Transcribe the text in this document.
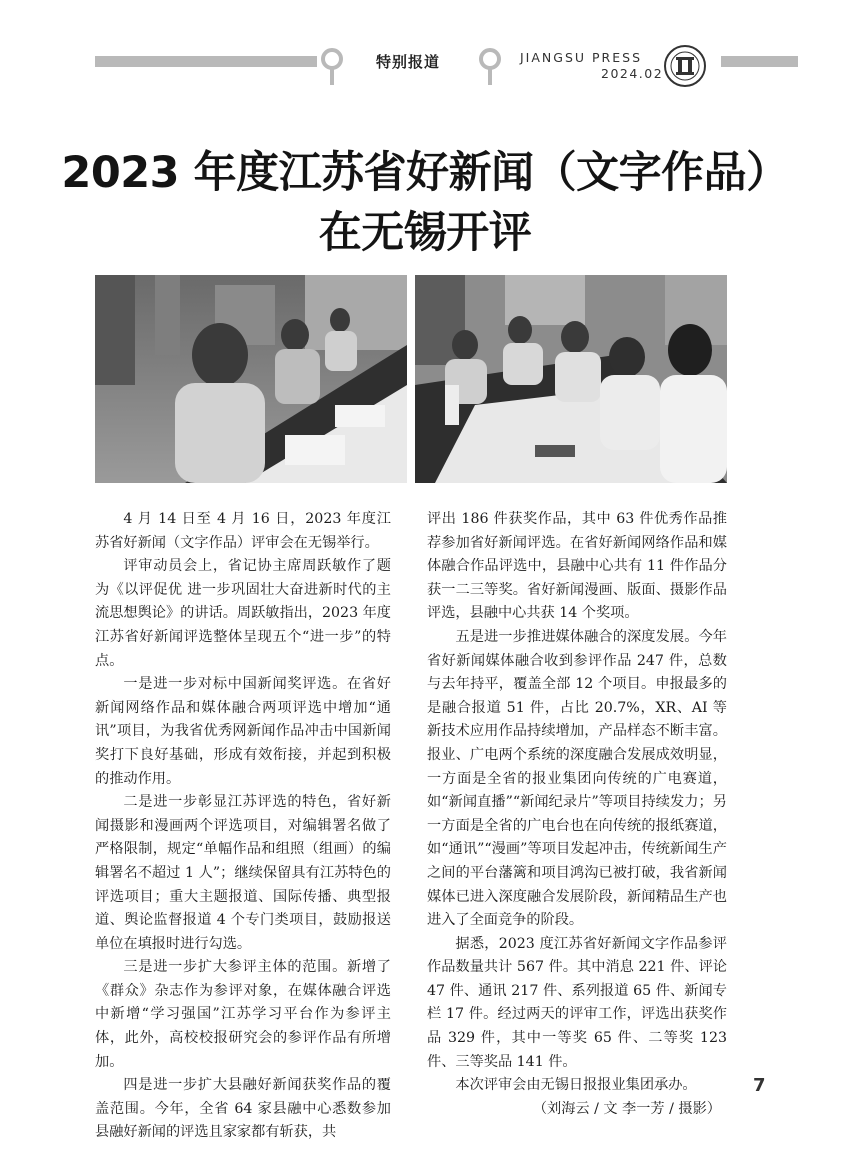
特别报道	JIANGSU PRESS
2024.02
2023 年度江苏省好新闻（文字作品）
在无锡开评

4 月 14 日至 4 月 16 日，2023 年度江苏省好新闻（文字作品）评审会在无锡举行。

评审动员会上，省记协主席周跃敏作了题为《以评促优 进一步巩固壮大奋进新时代的主流思想舆论》的讲话。周跃敏指出，2023 年度江苏省好新闻评选整体呈现五个“进一步”的特点。

一是进一步对标中国新闻奖评选。在省好新闻网络作品和媒体融合两项评选中增加“通讯”项目，为我省优秀网新闻作品冲击中国新闻奖打下良好基础，形成有效衔接，并起到积极的推动作用。

二是进一步彰显江苏评选的特色，省好新闻摄影和漫画两个评选项目，对编辑署名做了严格限制，规定“单幅作品和组照（组画）的编辑署名不超过 1 人”；继续保留具有江苏特色的评选项目；重大主题报道、国际传播、典型报道、舆论监督报道 4 个专门类项目，鼓励报送单位在填报时进行勾选。

三是进一步扩大参评主体的范围。新增了《群众》杂志作为参评对象，在媒体融合评选中新增“学习强国”江苏学习平台作为参评主体，此外，高校校报研究会的参评作品有所增加。

四是进一步扩大县融好新闻获奖作品的覆盖范围。今年，全省 64 家县融中心悉数参加县融好新闻的评选且家家都有斩获，共

评出 186 件获奖作品，其中 63 件优秀作品推荐参加省好新闻评选。在省好新闻网络作品和媒体融合作品评选中，县融中心共有 11 件作品分获一二三等奖。省好新闻漫画、版面、摄影作品评选，县融中心共获 14 个奖项。

五是进一步推进媒体融合的深度发展。今年省好新闻媒体融合收到参评作品 247 件，总数与去年持平，覆盖全部 12 个项目。申报最多的是融合报道 51 件，占比 20.7%，XR、AI 等新技术应用作品持续增加，产品样态不断丰富。报业、广电两个系统的深度融合发展成效明显，一方面是全省的报业集团向传统的广电赛道，如“新闻直播”“新闻纪录片”等项目持续发力；另一方面是全省的广电台也在向传统的报纸赛道，如“通讯”“漫画”等项目发起冲击，传统新闻生产之间的平台藩篱和项目鸿沟已被打破，我省新闻媒体已进入深度融合发展阶段，新闻精品生产也进入了全面竞争的阶段。

据悉，2023 度江苏省好新闻文字作品参评作品数量共计 567 件。其中消息 221 件、评论 47 件、通讯 217 件、系列报道 65 件、新闻专栏 17 件。经过两天的评审工作，评选出获奖作品 329 件，其中一等奖 65 件、二等奖 123 件、三等奖品 141 件。

本次评审会由无锡日报报业集团承办。

（刘海云 / 文 李一芳 / 摄影）

7
